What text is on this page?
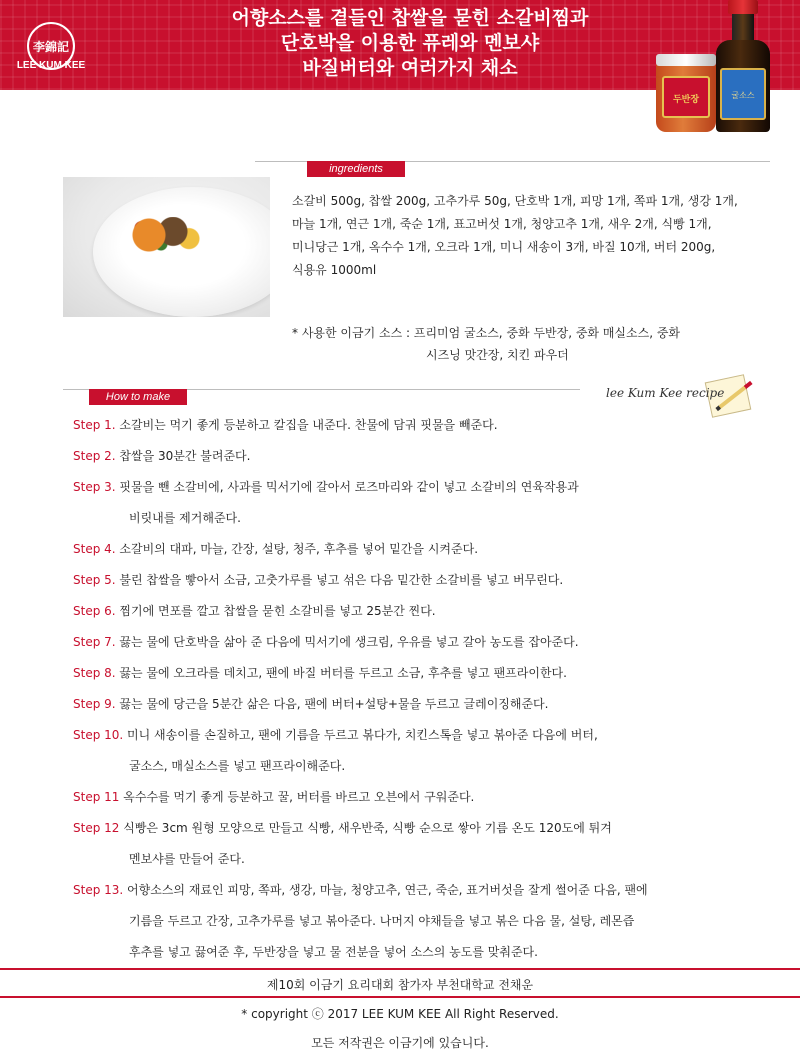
李錦記
LEE KUM KEE
어향소스를 곁들인 찹쌀을 묻힌 소갈비찜과
단호박을 이용한 퓨레와 멘보샤
바질버터와 여러가지 채소
두반장	굴소스
ingredients
소갈비 500g, 찹쌀 200g, 고추가루 50g, 단호박 1개, 피망 1개, 쪽파 1개, 생강 1개,
마늘 1개, 연근 1개, 죽순 1개, 표고버섯 1개, 청양고추 1개, 새우 2개, 식빵 1개,
미니당근 1개, 옥수수 1개, 오크라 1개, 미니 새송이 3개, 바질 10개, 버터 200g,
식용유 1000ml
* 사용한 이금기 소스 : 프리미엄 굴소스, 중화 두반장, 중화 매실소스, 중화
시즈닝 맛간장, 치킨 파우더
How to make	lee Kum Kee recipe
Step 1. 소갈비는 먹기 좋게 등분하고 칼집을 내준다. 찬물에 담궈 핏물을 빼준다.
Step 2. 찹쌀을 30분간 불려준다.
Step 3. 핏물을 뺀 소갈비에, 사과를 믹서기에 갈아서 로즈마리와 같이 넣고 소갈비의 연육작용과
비릿내를 제거해준다.
Step 4. 소갈비의 대파, 마늘, 간장, 설탕, 청주, 후추를 넣어 밑간을 시켜준다.
Step 5. 불린 찹쌀을 빻아서 소금, 고춧가루를 넣고 섞은 다음 밑간한 소갈비를 넣고 버무린다.
Step 6. 찜기에 면포를 깔고 찹쌀을 묻힌 소갈비를 넣고 25분간 찐다.
Step 7. 끓는 물에 단호박을 삶아 준 다음에 믹서기에 생크림, 우유를 넣고 갈아 농도를 잡아준다.
Step 8. 끓는 물에 오크라를 데치고, 팬에 바질 버터를 두르고 소금, 후추를 넣고 팬프라이한다.
Step 9. 끓는 물에 당근을 5분간 삶은 다음, 팬에 버터+설탕+물을 두르고 글레이징해준다.
Step 10. 미니 새송이를 손질하고, 팬에 기름을 두르고 볶다가, 치킨스톡을 넣고 볶아준 다음에 버터,
굴소스, 매실소스를 넣고 팬프라이해준다.
Step 11 옥수수를 먹기 좋게 등분하고 꿀, 버터를 바르고 오븐에서 구워준다.
Step 12 식빵은 3cm 원형 모양으로 만들고 식빵, 새우반죽, 식빵 순으로 쌓아 기름 온도 120도에 튀겨
멘보샤를 만들어 준다.
Step 13. 어향소스의 재료인 피망, 쪽파, 생강, 마늘, 청양고추, 연근, 죽순, 표거버섯을 잘게 썰어준 다음, 팬에
기름을 두르고 간장, 고추가루를 넣고 볶아준다. 나머지 야채들을 넣고 볶은 다음 물, 설탕, 레몬즙
후추를 넣고 끓여준 후, 두반장을 넣고 물 전분을 넣어 소스의 농도를 맞춰준다.
제10회 이금기 요리대회 참가자 부천대학교 전채운
* copyright ⓒ 2017 LEE KUM KEE All Right Reserved.
모든 저작권은 이금기에 있습니다.
